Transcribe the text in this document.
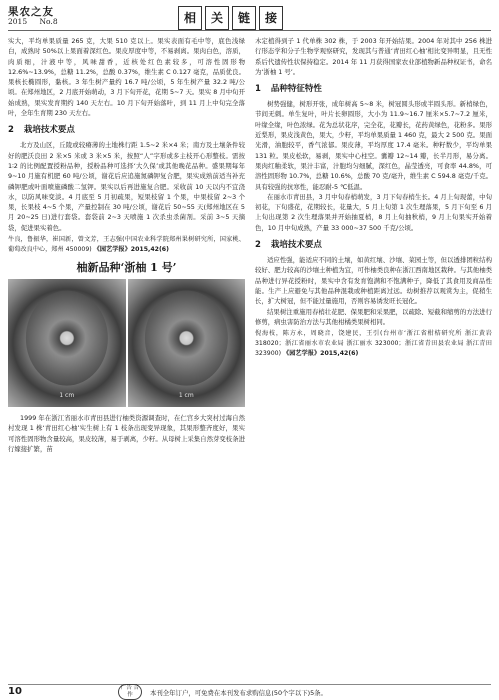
果农之友
2015 No.8	相	关	链	接

实大，平均单果质量 265 克，大果 510 克以上。果实表面有毛中等，底色浅绿白，成熟时 50%以上果面着深红色。果皮厚度中等，不易剥离。果肉白色，溶质，肉质细，汁液中等，风味甜香，近核处红色素较多，可溶性固形物 12.6%~13.9%，总糖 11.2%，总酸 0.37%，维生素 C 0.127 毫克，品质优良。果核长椭圆形，黏核。3 年生树产量约 16.7 吨/公顷，5 年生树产量 32.2 吨/公顷。在郑州地区，2 月底开始萌动，3 月下旬开花，花期 5~7 天。果实 8 月中旬开始成熟，果实发育期约 140 天左右。10 月下旬开始落叶，到 11 月上中旬完全落叶，全年生育期 230 天左右。

2 栽培技术要点

北方及山区，丘陵或较瘠薄的土地株行距 1.5~2 米×4 米；南方及土壤条件较好的肥沃良田 2 米×5 米或 3 米×5 米，按照“人”字形或多主枝开心形整枝。需按 1∶2 的比例配置授粉品种，授粉品种可选择‘大久保’或其他晚花品种。盛果期每年 9~10 月施有机肥 60 吨/公顷，谢花后应追施氮磷钾复合肥，果实成熟前适当补充磷钾肥或叶面喷施磷酸二氢钾。果实以后再进施复合肥。采收前 10 天以内不宜浇水，以防风味变淡。4 月底至 5 月初疏果，短果枝留 1 个果，中果枝留 2~3 个果，长果枝 4~5 个果，产量控制在 30 吨/公顷，谢花后 50~55 天(郑州地区在 5 月 20~25 日)进行套袋。套袋前 2~3 天喷施 1 次杀虫杀菌剂。采前 3~5 天摘袋，促进果实着色。

牛良，鲁振华，崔国新，曾文芳，王志强(中国农业科学院郑州果树研究所，国家桃、葡萄改良中心，郑州 450009) 《园艺学报》2015,42(6)
柚新品种‘浙柚 1 号’
1 cm	1 cm

1999 年在浙江省丽水市青田县进行柚类资源调查时，在仁宫乡大突村过海自然村发现 1 株‘青田红心柚’实生树上有 1 枝条出现变异现象，其果形整齐度好，果实可溶性固形物含量较高，果皮较薄，易于剥离，少籽。从母树上采集自然芽变枝条进行嫁接扩繁，苗

木定植得到子 1 代单株 302 株，于 2003 年开始结果。2004 年对其中 256 株进行形态学和分子生物学观察研究，发现其与普通‘青田红心柚’相比变异明显，且无性系后代遗传性状保持稳定。2014 年 11 月获得国家农业部植物新品种权证书，命名为‘浙柚 1 号’。

1 品种特征特性

树势强健，树形开张，成年树高 5~8 米，树冠圆头形或半圆头形。新梢绿色，节间无刺。单生复叶，叶片长卵圆形，大小为 11.9~16.7 厘米×5.7~7.2 厘米，叶缘全缘，叶色浓绿。花为总状花序，完全花，花瓣长，花药黄绿色，花粉多。果形近梨形，果皮浅黄色，果大，少籽，平均单果质量 1 460 克，最大 2 500 克。果面光滑，油胞较平，香气浓郁。果皮薄，平均厚度 17.4 毫米。种籽数少，平均单果 131 粒。果皮松软，易剥，果实中心柱空。囊瓣 12~14 瓣，长半月形，易分离。果肉红釉柔软，果汁丰富，汁胞均匀细腻，深红色，晶莹透亮，可食率 44.8%，可溶性固形物 10.7%，总糖 10.6%，总酸 70 克/毫升，维生素 C 594.8 毫克/千克。具有较强的抗寒性，能忍耐-5 ℃低温。

在丽水市青田县，3 月中旬春梢萌发，3 月下旬春梢生长。4 月上旬现蕾，中旬初花，下旬盛花，花期较长，花量大，5 月上旬第 1 次生理落果，5 月下旬至 6 月上旬出现第 2 次生理落果并开始抽夏梢，8 月上旬抽秋梢，9 月上旬果实开始着色，10 月中旬成熟，产量 33 000~37 500 千克/公顷。

2 栽培技术要点

适应性强，能适应不同的土壤，如黄红壤、沙壤、菜园土等，但以透排团粒结构较好、肥力较高的沙壤土种植为宜，可作柚类良种在浙江西南地区栽种。与其他柚类品种进行异花授粉时，果实中含有发育饱满和不饱满种子，降低了其食用及商品性能。生产上应避免与其他品种混栽或种植距离过远。幼树推荐以观赏为主，促稍生长，扩大树冠，但不能过量施用，否则容易诱发旺长冠化。

结果树注重施用春梢壮花肥、保果肥和采果肥，以疏除、短截和缩剪的方法进行修剪，病虫害防治方法与其他柑橘类果树相同。

倪海枝，陈方永，周晓音，饶建民，王引(台州市‘浙江省柑桔研究所 浙江黄岩 318020；浙江省丽水市农业局 浙江丽水 323000；浙江省青田县农业局 浙江青田 323900) 《园艺学报》2015,42(6)
10	广告 合作	本刊全年订户，可免费在本刊发布求购信息(50个字以下)5条。
